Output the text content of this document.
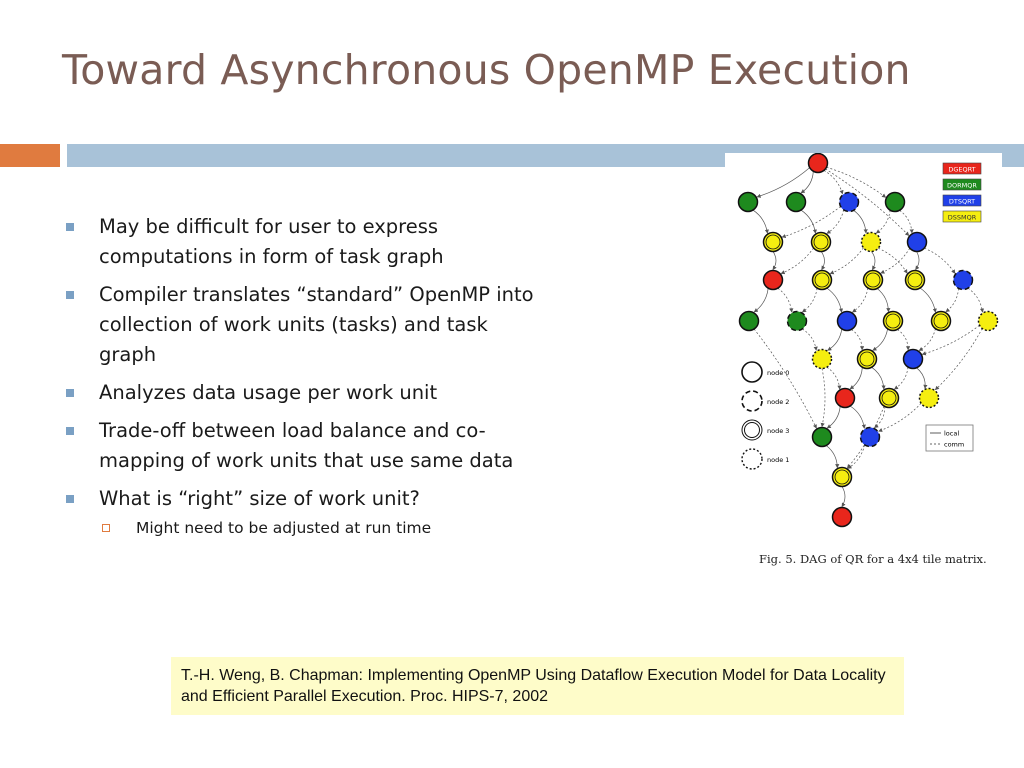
Toward Asynchronous OpenMP Execution
May be difficult for user to express computations in form of task graph
Compiler translates “standard” OpenMP into collection of work units (tasks) and task graph
Analyzes data usage per work unit
Trade-off between load balance and co-mapping of work units that use same data
What is “right” size of work unit?
Might need to be adjusted at run time
DGEQRT
DORMQR
DTSQRT
DSSMQR
node 0
node 2
node 3
node 1
local
comm
Fig. 5. DAG of QR for a 4x4 tile matrix.
T.-H. Weng, B. Chapman: Implementing OpenMP Using Dataflow Execution Model for Data Locality and Efficient Parallel Execution. Proc. HIPS-7, 2002
